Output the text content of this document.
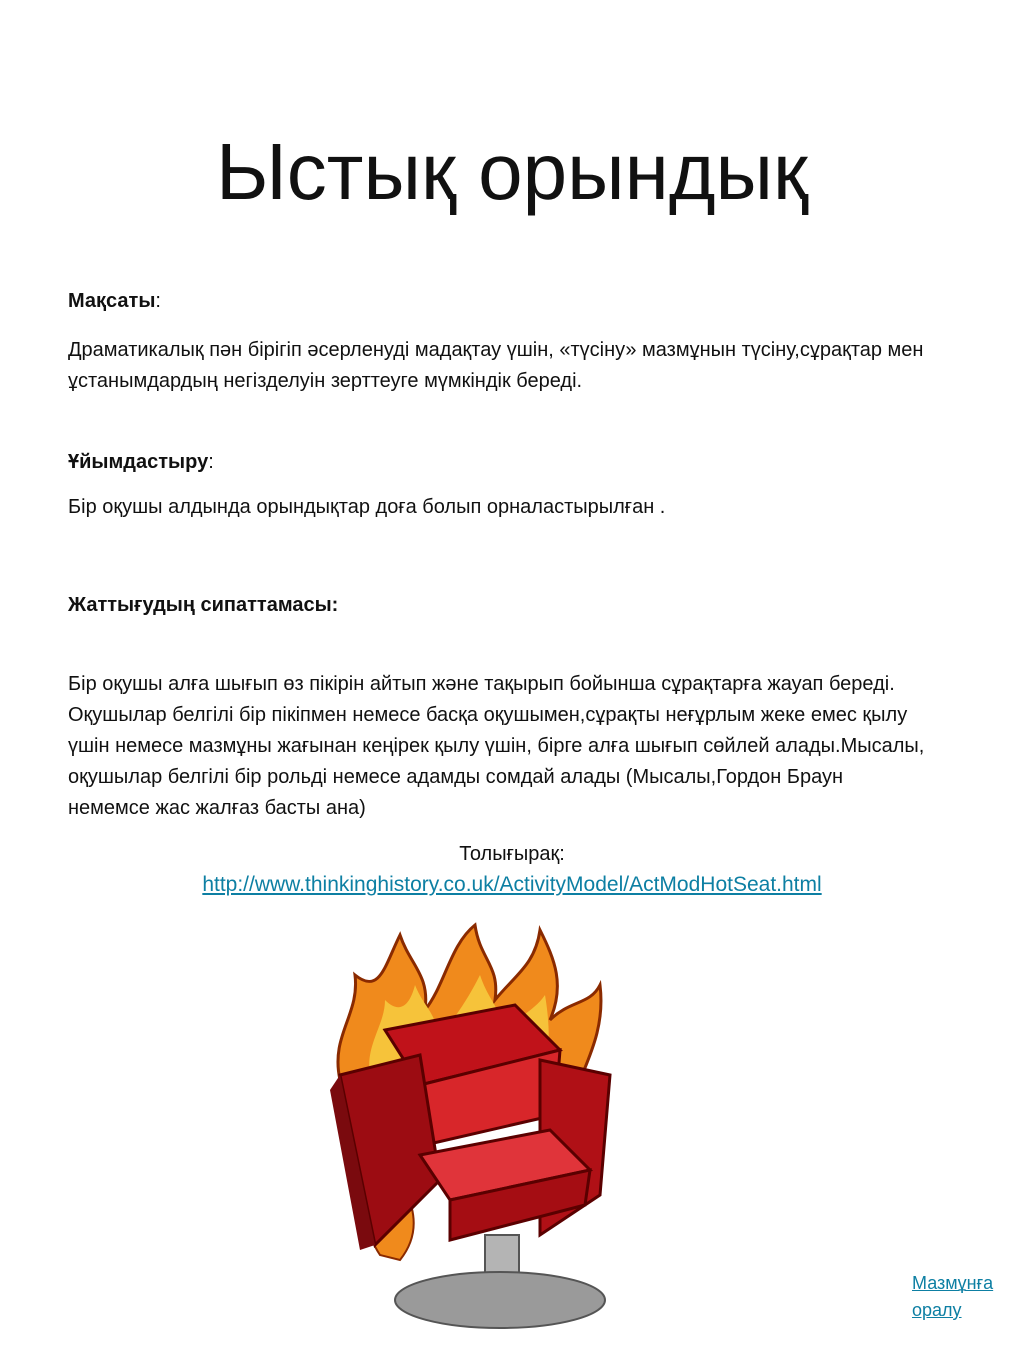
Ыстық орындық
Мақсаты:
Драматикалық пән бірігіп әсерленуді мадақтау үшін, «түсіну» мазмұнын түсіну,сұрақтар мен ұстанымдардың негізделуін зерттеуге мүмкіндік береді.
Ұйымдастыру:
Бір оқушы алдында орындықтар доға болып орналастырылған .
Жаттығудың сипаттамасы:
Бір оқушы алға шығып өз пікірін айтып және тақырып бойынша сұрақтарға жауап береді. Оқушылар белгілі бір пікіпмен немесе басқа оқушымен,сұрақты неғұрлым жеке емес қылу үшін немесе мазмұны жағынан кеңірек қылу үшін, бірге алға шығып сөйлей алады.Мысалы, оқушылар белгілі бір рольді немесе адамды сомдай алады (Мысалы,Гордон Браун немемсе жас жалғаз басты ана)
Толығырақ:
http://www.thinkinghistory.co.uk/ActivityModel/ActModHotSeat.html
Мазмұнға оралу
